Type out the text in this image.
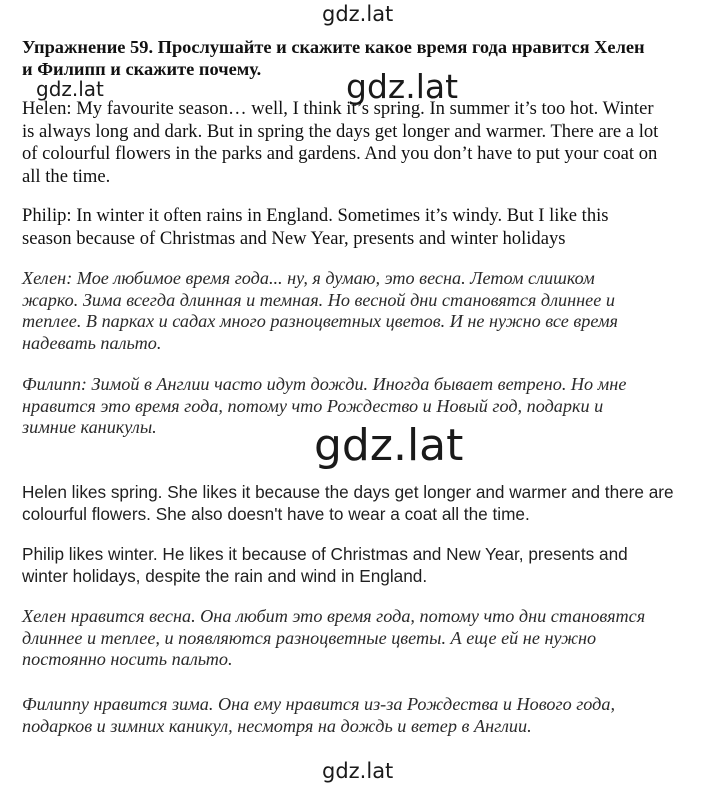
gdz.lat

Упражнение 59. Прослушайте и скажите какое время года нравится Хелен
и Филипп и скажите почему.

gdz.lat	gdz.lat

Helen: My favourite season… well, I think it’s spring. In summer it’s too hot. Winter
is always long and dark. But in spring the days get longer and warmer. There are a lot
of colourful flowers in the parks and gardens. And you don’t have to put your coat on
all the time.

Philip: In winter it often rains in England. Sometimes it’s windy. But I like this
season because of Christmas and New Year, presents and winter holidays

Хелен: Мое любимое время года... ну, я думаю, это весна. Летом слишком
жарко. Зима всегда длинная и темная. Но весной дни становятся длиннее и
теплее. В парках и садах много разноцветных цветов. И не нужно все время
надевать пальто.

Филипп: Зимой в Англии часто идут дожди. Иногда бывает ветрено. Но мне
нравится это время года, потому что Рождество и Новый год, подарки и
зимние каникулы.	gdz.lat

Helen likes spring. She likes it because the days get longer and warmer and there are
colourful flowers. She also doesn't have to wear a coat all the time.

Philip likes winter. He likes it because of Christmas and New Year, presents and
winter holidays, despite the rain and wind in England.

Хелен нравится весна. Она любит это время года, потому что дни становятся
длиннее и теплее, и появляются разноцветные цветы. А еще ей не нужно
постоянно носить пальто.

Филиппу нравится зима. Она ему нравится из-за Рождества и Нового года,
подарков и зимних каникул, несмотря на дождь и ветер в Англии.

gdz.lat
